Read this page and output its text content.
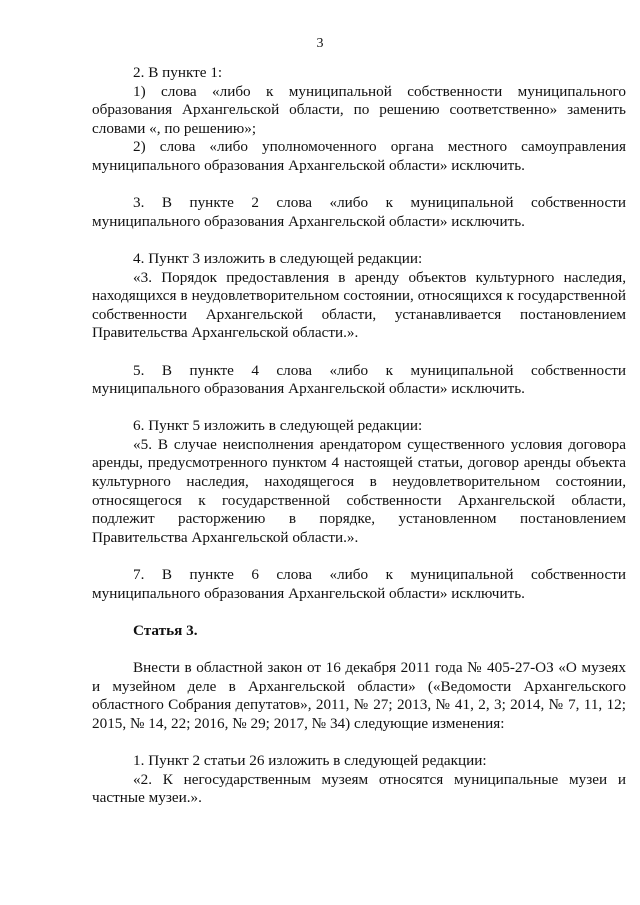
3

2. В пункте 1:

1) слова «либо к муниципальной собственности муниципального образования Архангельской области, по решению соответственно» заменить словами «, по решению»;

2) слова «либо уполномоченного органа местного самоуправления муниципального образования Архангельской области» исключить.

3. В пункте 2 слова «либо к муниципальной собственности муниципального образования Архангельской области» исключить.

4. Пункт 3 изложить в следующей редакции:

«3. Порядок предоставления в аренду объектов культурного наследия, находящихся в неудовлетворительном состоянии, относящихся к государственной собственности Архангельской области, устанавливается постановлением Правительства Архангельской области.».

5. В пункте 4 слова «либо к муниципальной собственности муниципального образования Архангельской области» исключить.

6. Пункт 5 изложить в следующей редакции:

«5. В случае неисполнения арендатором существенного условия договора аренды, предусмотренного пунктом 4 настоящей статьи, договор аренды объекта культурного наследия, находящегося в неудовлетворительном состоянии, относящегося к государственной собственности Архангельской области, подлежит расторжению в порядке, установленном постановлением Правительства Архангельской области.».

7. В пункте 6 слова «либо к муниципальной собственности муниципального образования Архангельской области» исключить.

Статья 3.

Внести в областной закон от 16 декабря 2011 года № 405-27-ОЗ «О музеях и музейном деле в Архангельской области» («Ведомости Архангельского областного Собрания депутатов», 2011, № 27; 2013, № 41, 2, 3; 2014, № 7, 11, 12; 2015, № 14, 22; 2016, № 29; 2017, № 34) следующие изменения:

1. Пункт 2 статьи 26 изложить в следующей редакции:

«2. К негосударственным музеям относятся муниципальные музеи и частные музеи.».
